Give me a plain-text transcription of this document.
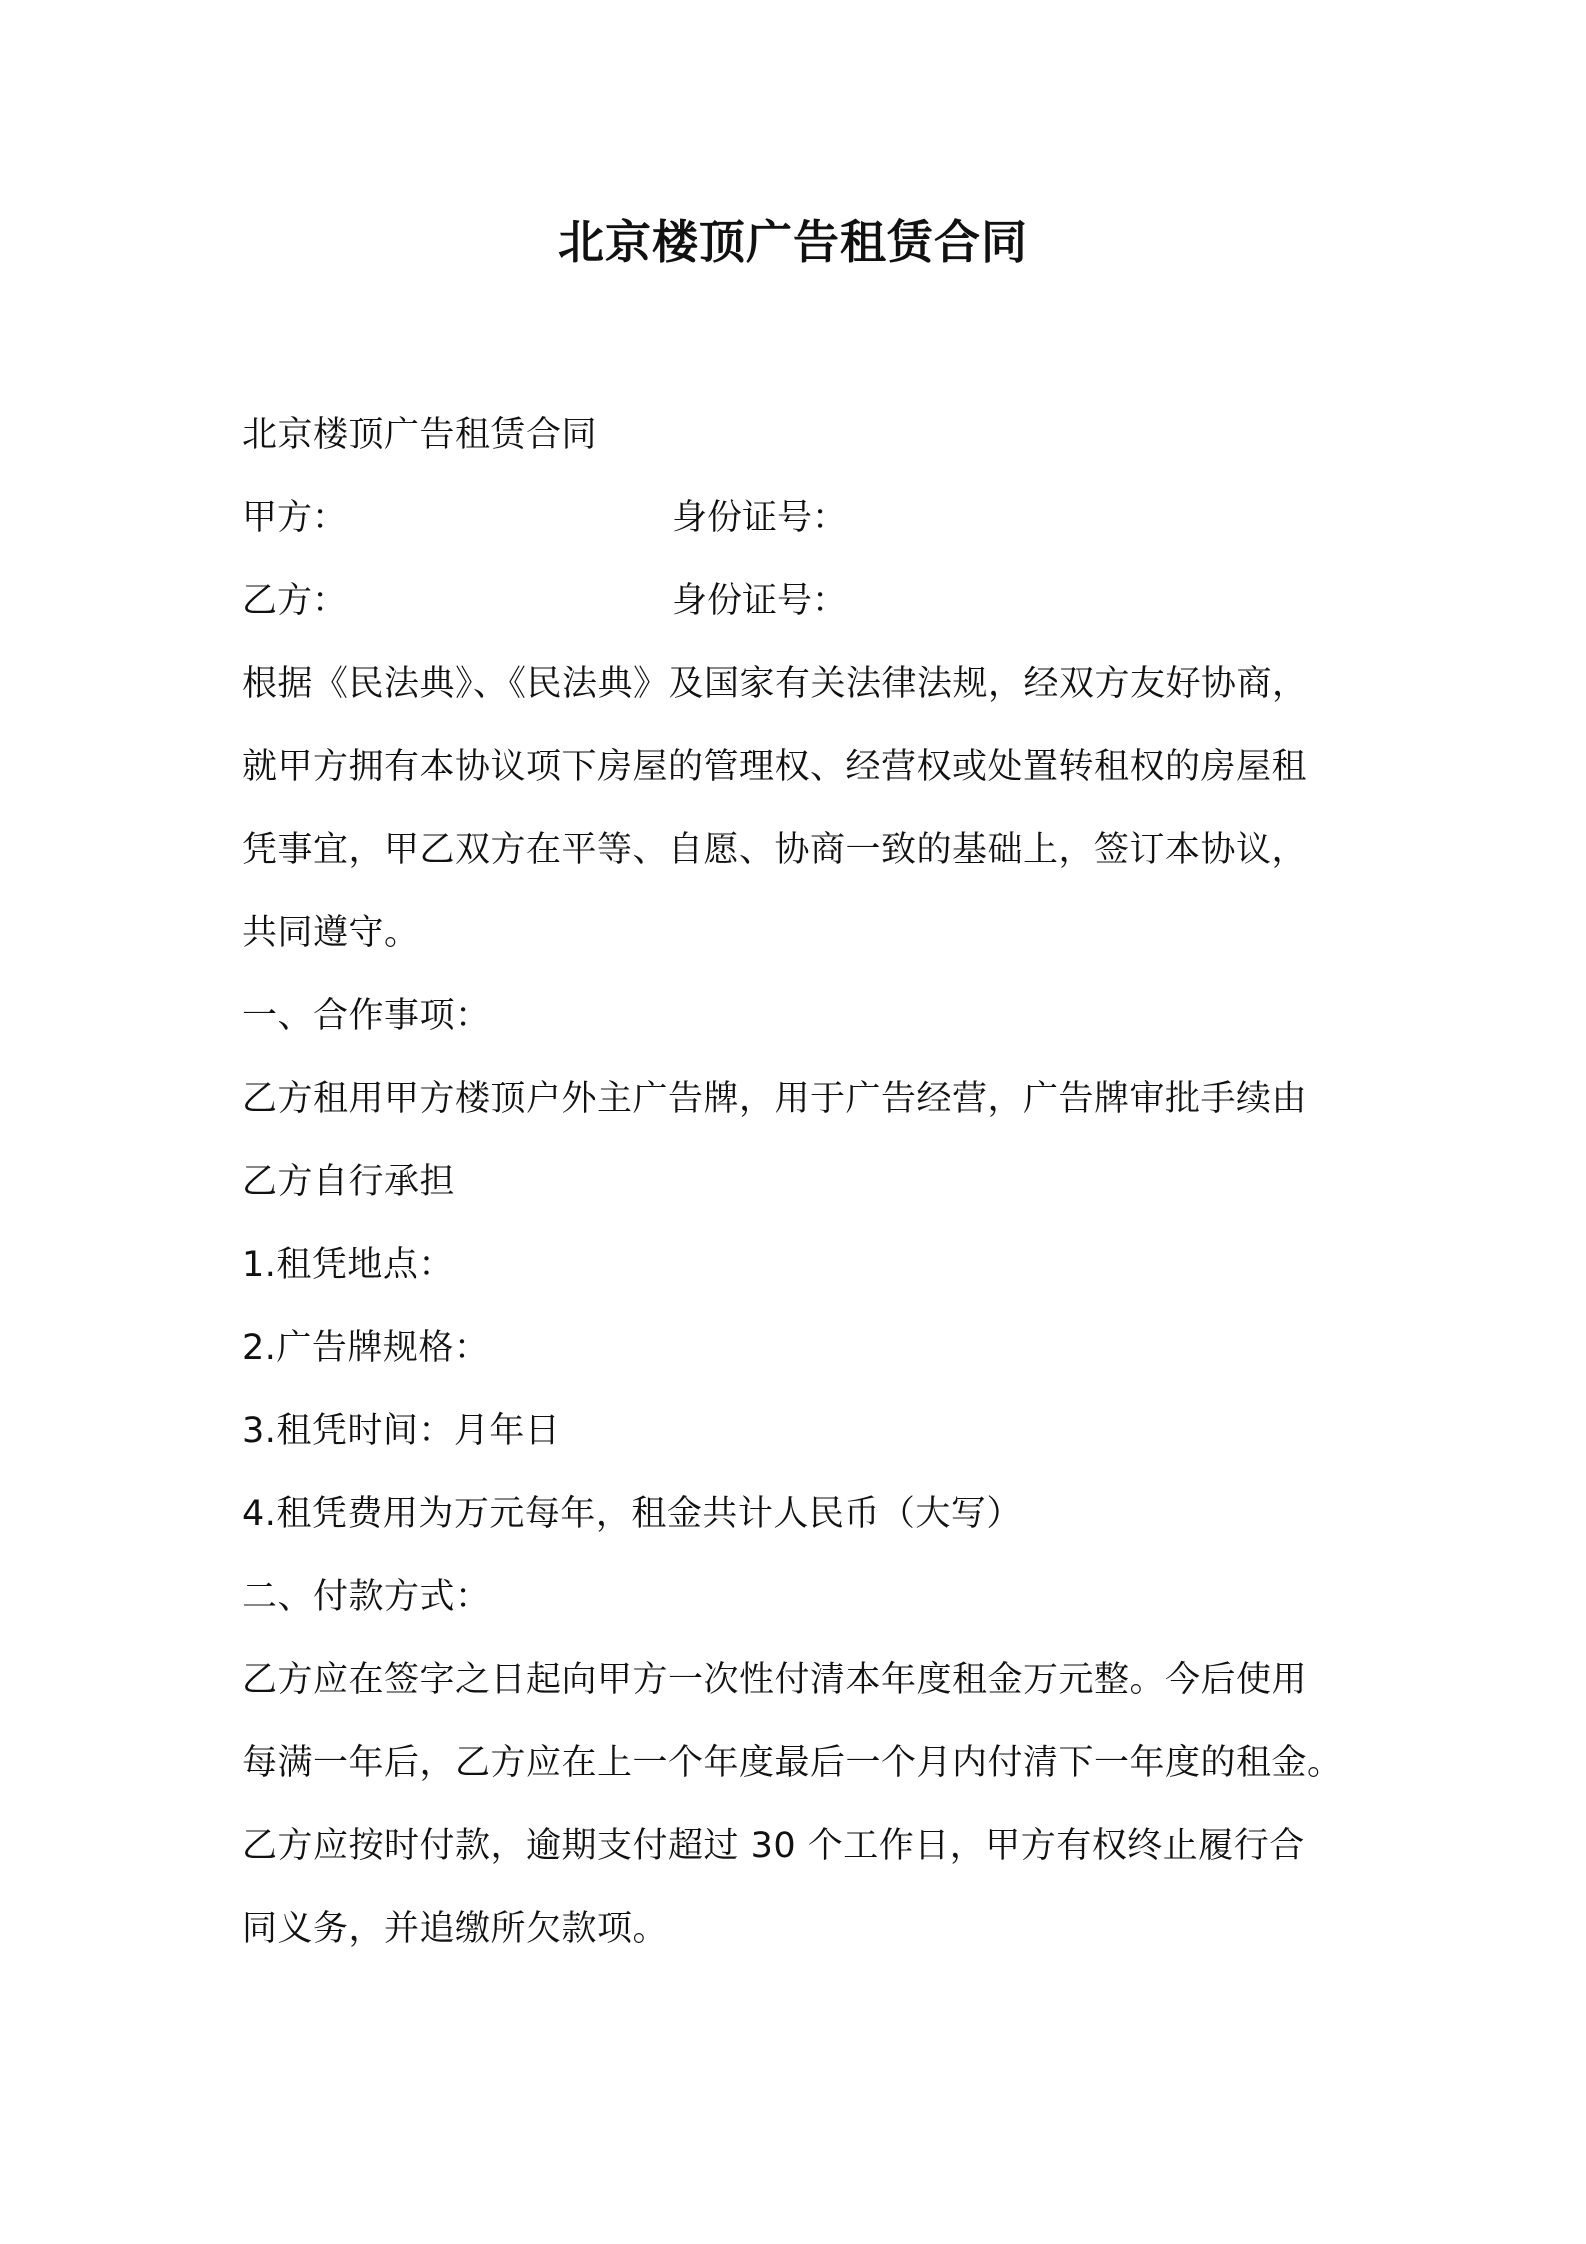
北京楼顶广告租赁合同
北京楼顶广告租赁合同
甲方：	身份证号：
乙方：	身份证号：
根据《民法典》、《民法典》及国家有关法律法规，经双方友好协商，
就甲方拥有本协议项下房屋的管理权、经营权或处置转租权的房屋租
凭事宜，甲乙双方在平等、自愿、协商一致的基础上，签订本协议，
共同遵守。
一、合作事项：
乙方租用甲方楼顶户外主广告牌，用于广告经营，广告牌审批手续由
乙方自行承担
1.租凭地点：
2.广告牌规格：
3.租凭时间：月年日
4.租凭费用为万元每年，租金共计人民币（大写）
二、付款方式：
乙方应在签字之日起向甲方一次性付清本年度租金万元整。今后使用
每满一年后，乙方应在上一个年度最后一个月内付清下一年度的租金。
乙方应按时付款，逾期支付超过 30 个工作日，甲方有权终止履行合
同义务，并追缴所欠款项。
